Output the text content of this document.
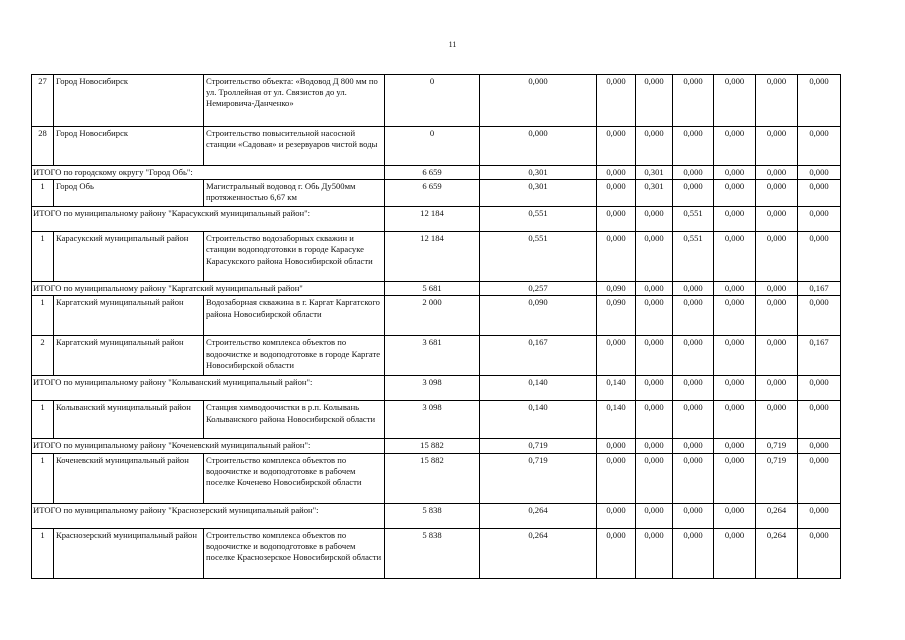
11
27	Город Новосибирск	Строительство объекта: «Водовод Д 800 мм по ул. Троллейная от ул. Связистов до ул. Немировича-Данченко»	0	0,000	0,000	0,000	0,000	0,000	0,000	0,000
28	Город Новосибирск	Строительство повысительной насосной станции «Садовая» и резервуаров чистой воды	0	0,000	0,000	0,000	0,000	0,000	0,000	0,000
ИТОГО по городскому округу "Город Обь":			6 659	0,301	0,000	0,301	0,000	0,000	0,000	0,000
1	Город Обь	Магистральный водовод г. Обь Ду500мм протяженностью 6,67 км	6 659	0,301	0,000	0,301	0,000	0,000	0,000	0,000
ИТОГО по муниципальному району "Карасукский муниципальный район":			12 184	0,551	0,000	0,000	0,551	0,000	0,000	0,000
1	Карасукский муниципальный район	Строительство водозаборных скважин и станции водоподготовки в городе Карасуке Карасукского района Новосибирской области	12 184	0,551	0,000	0,000	0,551	0,000	0,000	0,000
ИТОГО по муниципальному району "Каргатский муниципальный район"			5 681	0,257	0,090	0,000	0,000	0,000	0,000	0,167
1	Каргатский муниципальный район	Водозаборная скважина в г. Каргат Каргатского района Новосибирской области	2 000	0,090	0,090	0,000	0,000	0,000	0,000	0,000
2	Каргатский муниципальный район	Строительство комплекса объектов по водоочистке и водоподготовке в городе Каргате Новосибирской области	3 681	0,167	0,000	0,000	0,000	0,000	0,000	0,167
ИТОГО по муниципальному району "Колыванский муниципальный район":			3 098	0,140	0,140	0,000	0,000	0,000	0,000	0,000
1	Колыванский муниципальный район	Станция химводоочистки в р.п. Колывань Колыванского района Новосибирской области	3 098	0,140	0,140	0,000	0,000	0,000	0,000	0,000
ИТОГО по муниципальному району "Коченевский муниципальный район":			15 882	0,719	0,000	0,000	0,000	0,000	0,719	0,000
1	Коченевский муниципальный район	Строительство комплекса объектов по водоочистке и водоподготовке в рабочем поселке Коченево Новосибирской области	15 882	0,719	0,000	0,000	0,000	0,000	0,719	0,000
ИТОГО по муниципальному району "Краснозерский муниципальный район":			5 838	0,264	0,000	0,000	0,000	0,000	0,264	0,000
1	Краснозерский муниципальный район	Строительство комплекса объектов по водоочистке и водоподготовке в рабочем поселке Краснозерское Новосибирской области	5 838	0,264	0,000	0,000	0,000	0,000	0,264	0,000
